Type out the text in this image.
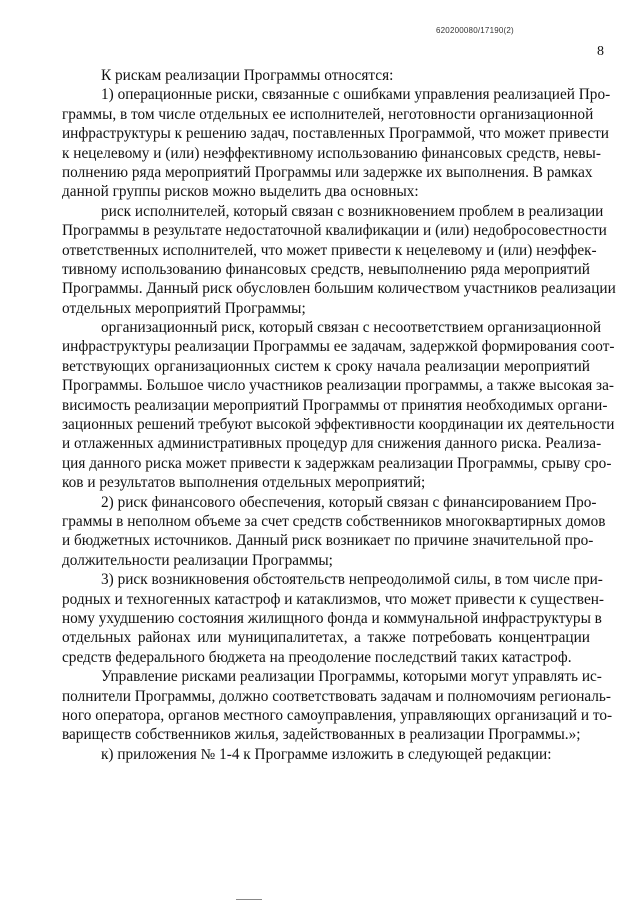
620200080/17190(2)
8
К рискам реализации Программы относятся:
1) операционные риски, связанные с ошибками управления реализацией Про-
граммы, в том числе отдельных ее исполнителей, неготовности организационной
инфраструктуры к решению задач, поставленных Программой, что может привести
к нецелевому и (или) неэффективному использованию финансовых средств, невы-
полнению ряда мероприятий Программы или задержке их выполнения. В рамках
данной группы рисков можно выделить два основных:
риск исполнителей, который связан с возникновением проблем в реализации
Программы в результате недостаточной квалификации и (или) недобросовестности
ответственных исполнителей, что может привести к нецелевому и (или) неэффек-
тивному использованию финансовых средств, невыполнению ряда мероприятий
Программы. Данный риск обусловлен большим количеством участников реализации
отдельных мероприятий Программы;
организационный риск, который связан с несоответствием организационной
инфраструктуры реализации Программы ее задачам, задержкой формирования соот-
ветствующих организационных систем к сроку начала реализации мероприятий
Программы. Большое число участников реализации программы, а также высокая за-
висимость реализации мероприятий Программы от принятия необходимых органи-
зационных решений требуют высокой эффективности координации их деятельности
и отлаженных административных процедур для снижения данного риска. Реализа-
ция данного риска может привести к задержкам реализации Программы, срыву сро-
ков и результатов выполнения отдельных мероприятий;
2) риск финансового обеспечения, который связан с финансированием Про-
граммы в неполном объеме за счет средств собственников многоквартирных домов
и бюджетных источников. Данный риск возникает по причине значительной про-
должительности реализации Программы;
3) риск возникновения обстоятельств непреодолимой силы, в том числе при-
родных и техногенных катастроф и катаклизмов, что может привести к существен-
ному ухудшению состояния жилищного фонда и коммунальной инфраструктуры в
отдельных районах или муниципалитетах, а также потребовать концентрации
средств федерального бюджета на преодоление последствий таких катастроф.
Управление рисками реализации Программы, которыми могут управлять ис-
полнители Программы, должно соответствовать задачам и полномочиям региональ-
ного оператора, органов местного самоуправления, управляющих организаций и то-
вариществ собственников жилья, задействованных в реализации Программы.»;
к) приложения № 1-4 к Программе изложить в следующей редакции:
